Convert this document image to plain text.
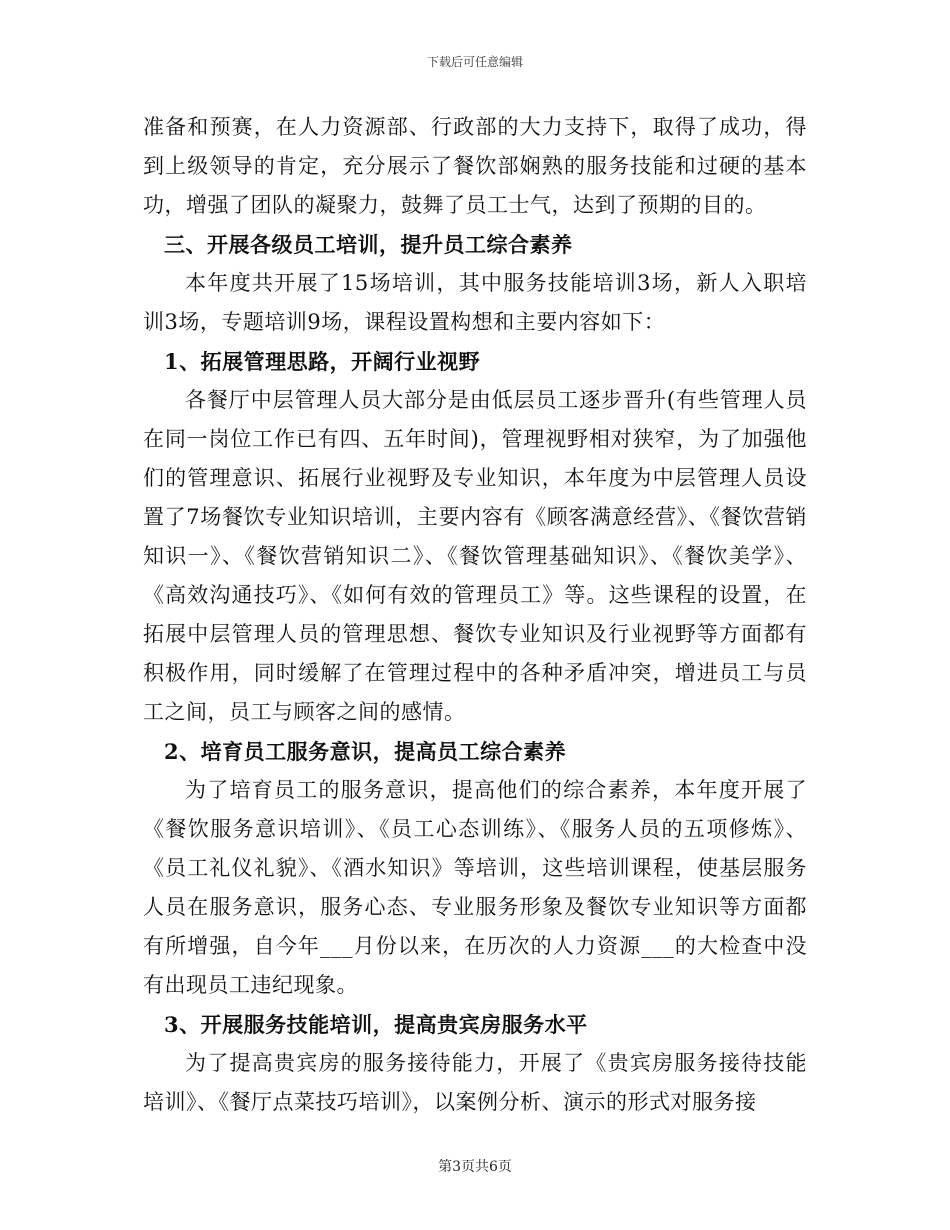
下载后可任意编辑

准备和预赛，在人力资源部、行政部的大力支持下，取得了成功，得到上级领导的肯定，充分展示了餐饮部娴熟的服务技能和过硬的基本功，增强了团队的凝聚力，鼓舞了员工士气，达到了预期的目的。

三、开展各级员工培训，提升员工综合素养

本年度共开展了15场培训，其中服务技能培训3场，新人入职培训3场，专题培训9场，课程设置构想和主要内容如下：

1、拓展管理思路，开阔行业视野

各餐厅中层管理人员大部分是由低层员工逐步晋升(有些管理人员在同一岗位工作已有四、五年时间)，管理视野相对狭窄，为了加强他们的管理意识、拓展行业视野及专业知识，本年度为中层管理人员设置了7场餐饮专业知识培训，主要内容有《顾客满意经营》、《餐饮营销知识一》、《餐饮营销知识二》、《餐饮管理基础知识》、《餐饮美学》、《高效沟通技巧》、《如何有效的管理员工》等。这些课程的设置，在拓展中层管理人员的管理思想、餐饮专业知识及行业视野等方面都有积极作用，同时缓解了在管理过程中的各种矛盾冲突，增进员工与员工之间，员工与顾客之间的感情。

2、培育员工服务意识，提高员工综合素养

为了培育员工的服务意识，提高他们的综合素养，本年度开展了《餐饮服务意识培训》、《员工心态训练》、《服务人员的五项修炼》、《员工礼仪礼貌》、《酒水知识》等培训，这些培训课程，使基层服务人员在服务意识，服务心态、专业服务形象及餐饮专业知识等方面都有所增强，自今年___月份以来，在历次的人力资源___的大检查中没有出现员工违纪现象。

3、开展服务技能培训，提高贵宾房服务水平

为了提高贵宾房的服务接待能力，开展了《贵宾房服务接待技能培训》、《餐厅点菜技巧培训》，以案例分析、演示的形式对服务接

第3页共6页
